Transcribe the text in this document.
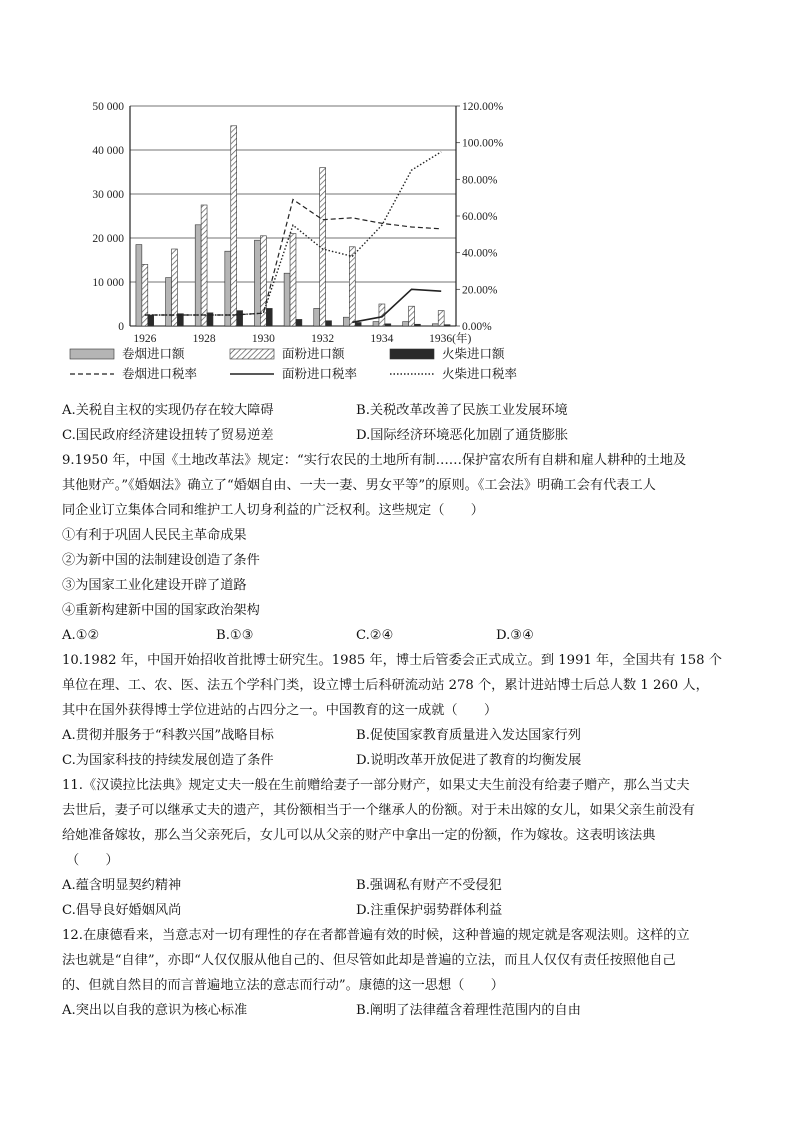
0
10 000
20 000
30 000
40 000
50 000
0.00%
20.00%
40.00%
60.00%
80.00%
100.00%
120.00%
1926	1928	1930	1932	1934	1936(年)
卷烟进口额	面粉进口额	火柴进口额
卷烟进口税率	面粉进口税率	火柴进口税率
A.关税自主权的实现仍存在较大障碍	B.关税改革改善了民族工业发展环境
C.国民政府经济建设扭转了贸易逆差	D.国际经济环境恶化加剧了通货膨胀
9.1950 年，中国《土地改革法》规定：“实行农民的土地所有制……保护富农所有自耕和雇人耕种的土地及
其他财产。”《婚姻法》确立了“婚姻自由、一夫一妻、男女平等”的原则。《工会法》明确工会有代表工人
同企业订立集体合同和维护工人切身利益的广泛权利。这些规定（　　）
①有利于巩固人民民主革命成果
②为新中国的法制建设创造了条件
③为国家工业化建设开辟了道路
④重新构建新中国的国家政治架构
A.①②	B.①③	C.②④	D.③④
10.1982 年，中国开始招收首批博士研究生。1985 年，博士后管委会正式成立。到 1991 年，全国共有 158 个
单位在理、工、农、医、法五个学科门类，设立博士后科研流动站 278 个，累计进站博士后总人数 1 260 人，
其中在国外获得博士学位进站的占四分之一。中国教育的这一成就（　　）
A.贯彻并服务于“科教兴国”战略目标	B.促使国家教育质量进入发达国家行列
C.为国家科技的持续发展创造了条件	D.说明改革开放促进了教育的均衡发展
11.《汉谟拉比法典》规定丈夫一般在生前赠给妻子一部分财产，如果丈夫生前没有给妻子赠产，那么当丈夫
去世后，妻子可以继承丈夫的遗产，其份额相当于一个继承人的份额。对于未出嫁的女儿，如果父亲生前没有
给她准备嫁妆，那么当父亲死后，女儿可以从父亲的财产中拿出一定的份额，作为嫁妆。这表明该法典
（　　）
A.蕴含明显契约精神	B.强调私有财产不受侵犯
C.倡导良好婚姻风尚	D.注重保护弱势群体利益
12.在康德看来，当意志对一切有理性的存在者都普遍有效的时候，这种普遍的规定就是客观法则。这样的立
法也就是“自律”，亦即“人仅仅服从他自己的、但尽管如此却是普遍的立法，而且人仅仅有责任按照他自己
的、但就自然目的而言普遍地立法的意志而行动”。康德的这一思想（　　）
A.突出以自我的意识为核心标准	B.阐明了法律蕴含着理性范围内的自由
